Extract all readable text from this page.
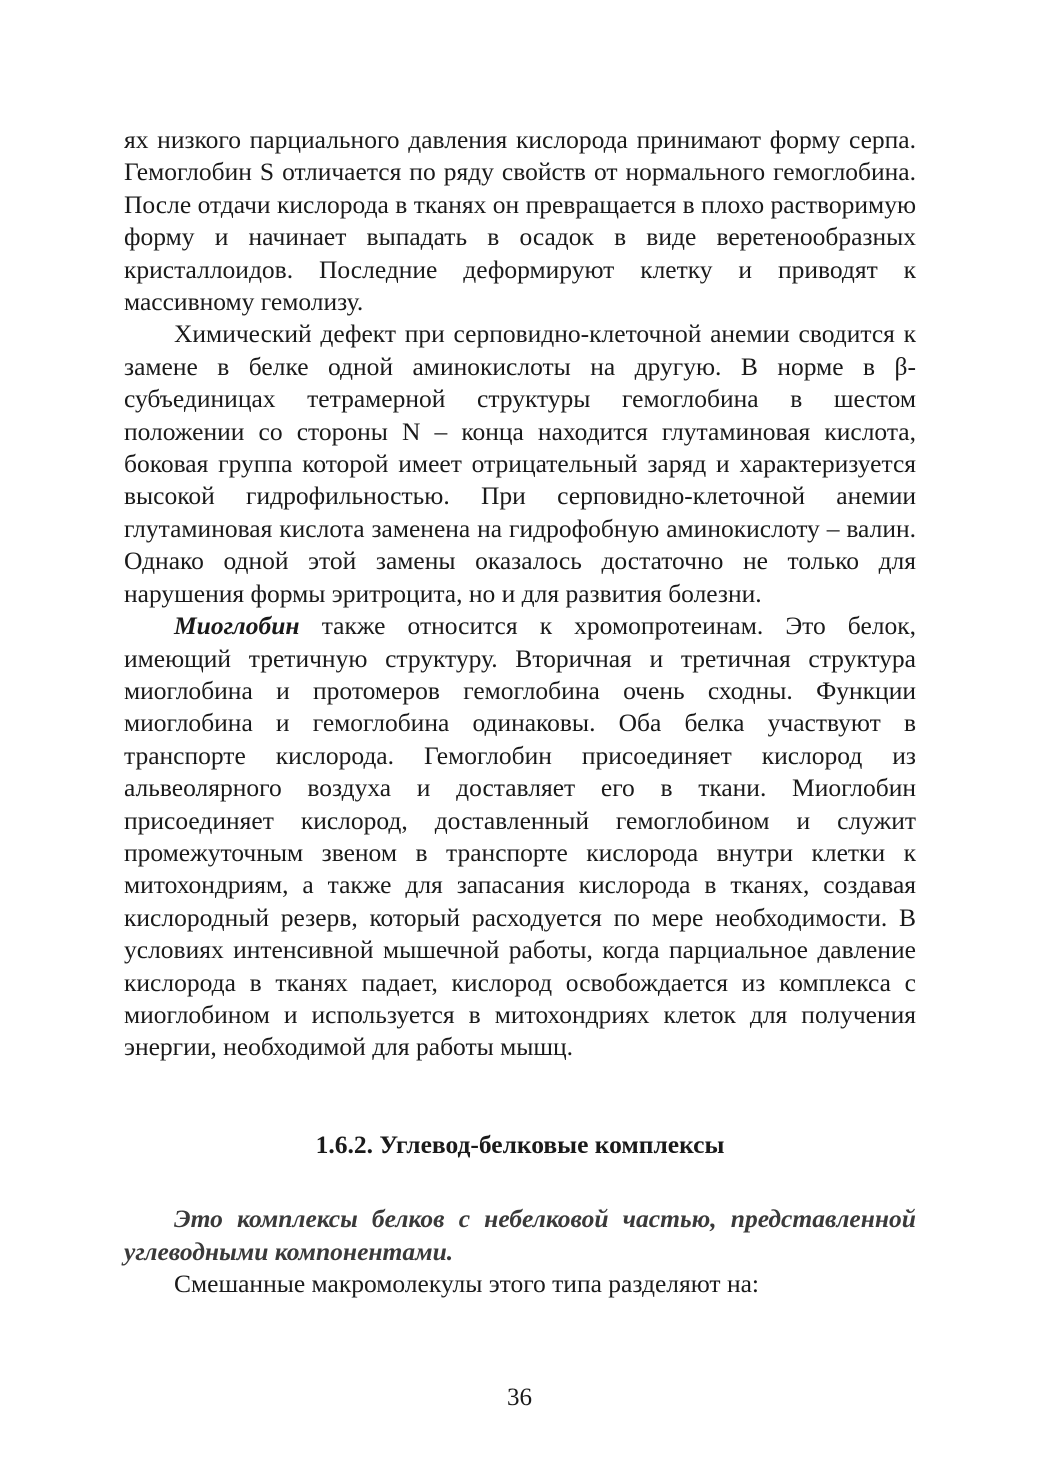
ях низкого парциального давления кислорода принимают форму серпа. Гемоглобин S отличается по ряду свойств от нормального гемоглобина. После отдачи кислорода в тканях он превращается в плохо растворимую форму и начинает выпадать в осадок в виде веретенообразных кристаллоидов. Последние деформируют клетку и приводят к массивному гемолизу.

Химический дефект при серповидно-клеточной анемии сводится к замене в белке одной аминокислоты на другую. В норме в β-субъединицах тетрамерной структуры гемоглобина в шестом положении со стороны N – конца находится глутаминовая кислота, боковая группа которой имеет отрицательный заряд и характеризуется высокой гидрофильностью. При серповидно-клеточной анемии глутаминовая кислота заменена на гидрофобную аминокислоту – валин. Однако одной этой замены оказалось достаточно не только для нарушения формы эритроцита, но и для развития болезни.

Миоглобин также относится к хромопротеинам. Это белок, имеющий третичную структуру. Вторичная и третичная структура миоглобина и протомеров гемоглобина очень сходны. Функции миоглобина и гемоглобина одинаковы. Оба белка участвуют в транспорте кислорода. Гемоглобин присоединяет кислород из альвеолярного воздуха и доставляет его в ткани. Миоглобин присоединяет кислород, доставленный гемоглобином и служит промежуточным звеном в транспорте кислорода внутри клетки к митохондриям, а также для запасания кислорода в тканях, создавая кислородный резерв, который расходуется по мере необходимости. В условиях интенсивной мышечной работы, когда парциальное давление кислорода в тканях падает, кислород освобождается из комплекса с миоглобином и используется в митохондриях клеток для получения энергии, необходимой для работы мышц.

1.6.2. Углевод-белковые комплексы

Это комплексы белков с небелковой частью, представленной углеводными компонентами.

Смешанные макромолекулы этого типа разделяют на:

36
